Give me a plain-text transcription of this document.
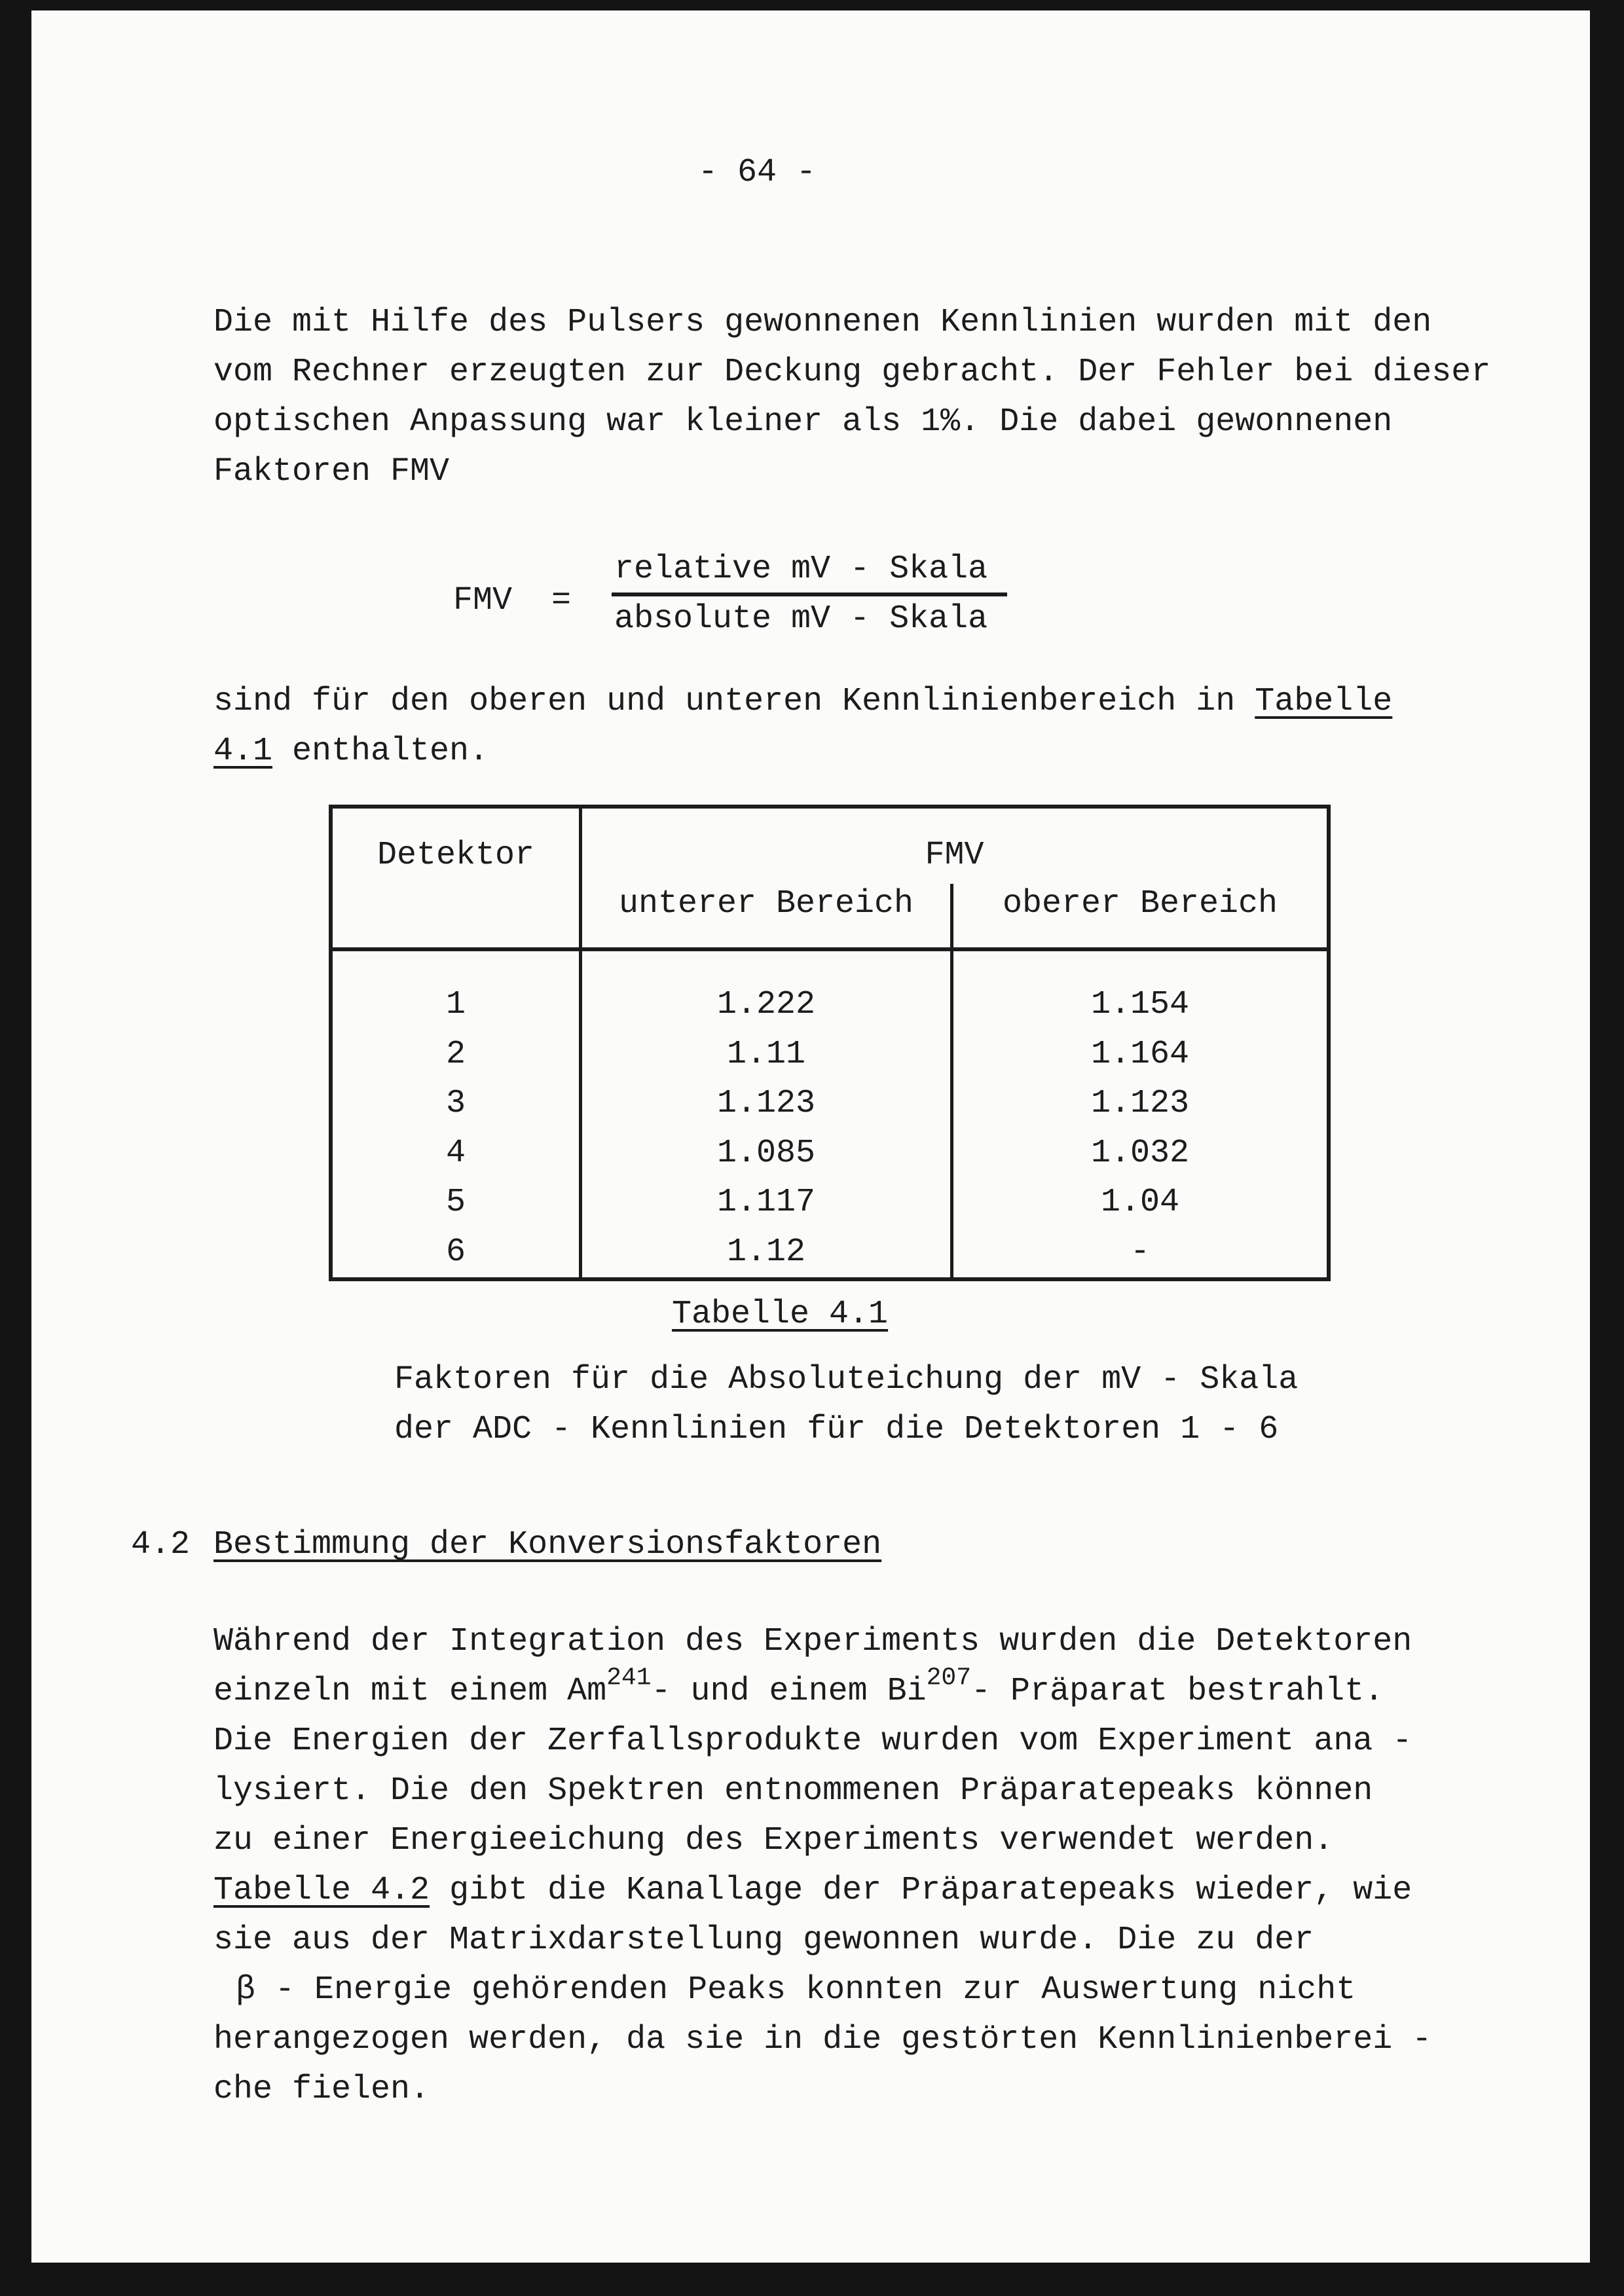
- 64 -
Die mit Hilfe des Pulsers gewonnenen Kennlinien wurden mit den
vom Rechner erzeugten zur Deckung gebracht. Der Fehler bei dieser
optischen Anpassung war kleiner als 1%. Die dabei gewonnenen
Faktoren FMV
FMV =
relative mV - Skala
absolute mV - Skala
sind für den oberen und unteren Kennlinienbereich in Tabelle
4.1 enthalten.
Detektor	FMV
unterer Bereich	oberer Bereich
1
2
3
4
5
6
1.222
1.11
1.123
1.085
1.117
1.12
1.154
1.164
1.123
1.032
1.04
-
Tabelle 4.1
Faktoren für die Absoluteichung der mV - Skala
der ADC - Kennlinien für die Detektoren 1 - 6
4.2 Bestimmung der Konversionsfaktoren
Während der Integration des Experiments wurden die Detektoren
einzeln mit einem Am$^{241}$- und einem Bi$^{207}$- Präparat bestrahlt.
Die Energien der Zerfallsprodukte wurden vom Experiment ana -
lysiert. Die den Spektren entnommenen Präparatepeaks können
zu einer Energieeichung des Experiments verwendet werden.
Tabelle 4.2 gibt die Kanallage der Präparatepeaks wieder, wie
sie aus der Matrixdarstellung gewonnen wurde. Die zu der
β - Energie gehörenden Peaks konnten zur Auswertung nicht
herangezogen werden, da sie in die gestörten Kennlinienberei -
che fielen.
